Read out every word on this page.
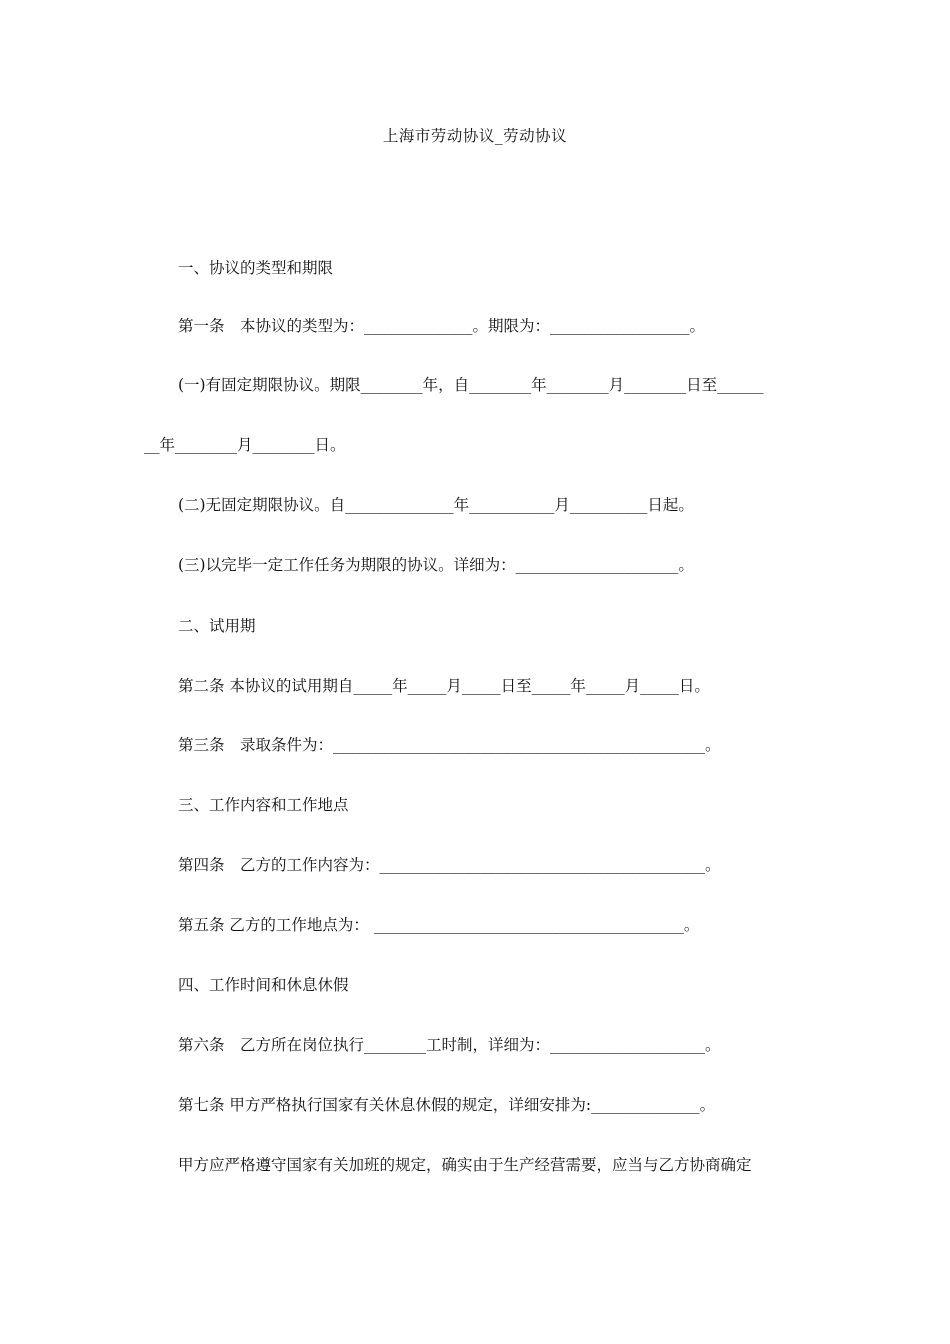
上海市劳动协议_劳动协议
一、协议的类型和期限
第一条　本协议的类型为：______________。期限为：__________________。
(一)有固定期限协议。期限________年，自________年________月________日至______
__年________月________日。
(二)无固定期限协议。自______________年___________月__________日起。
(三)以完毕一定工作任务为期限的协议。详细为：_____________________。
二、试用期
第二条 本协议的试用期自_____年_____月_____日至_____年_____月_____日。
第三条　录取条件为：________________________________________________。
三、工作内容和工作地点
第四条　乙方的工作内容为：__________________________________________。
第五条 乙方的工作地点为： ________________________________________。
四、工作时间和休息休假
第六条　乙方所在岗位执行________工时制，详细为：____________________。
第七条 甲方严格执行国家有关休息休假的规定，详细安排为:______________。
甲方应严格遵守国家有关加班的规定，确实由于生产经营需要，应当与乙方协商确定
